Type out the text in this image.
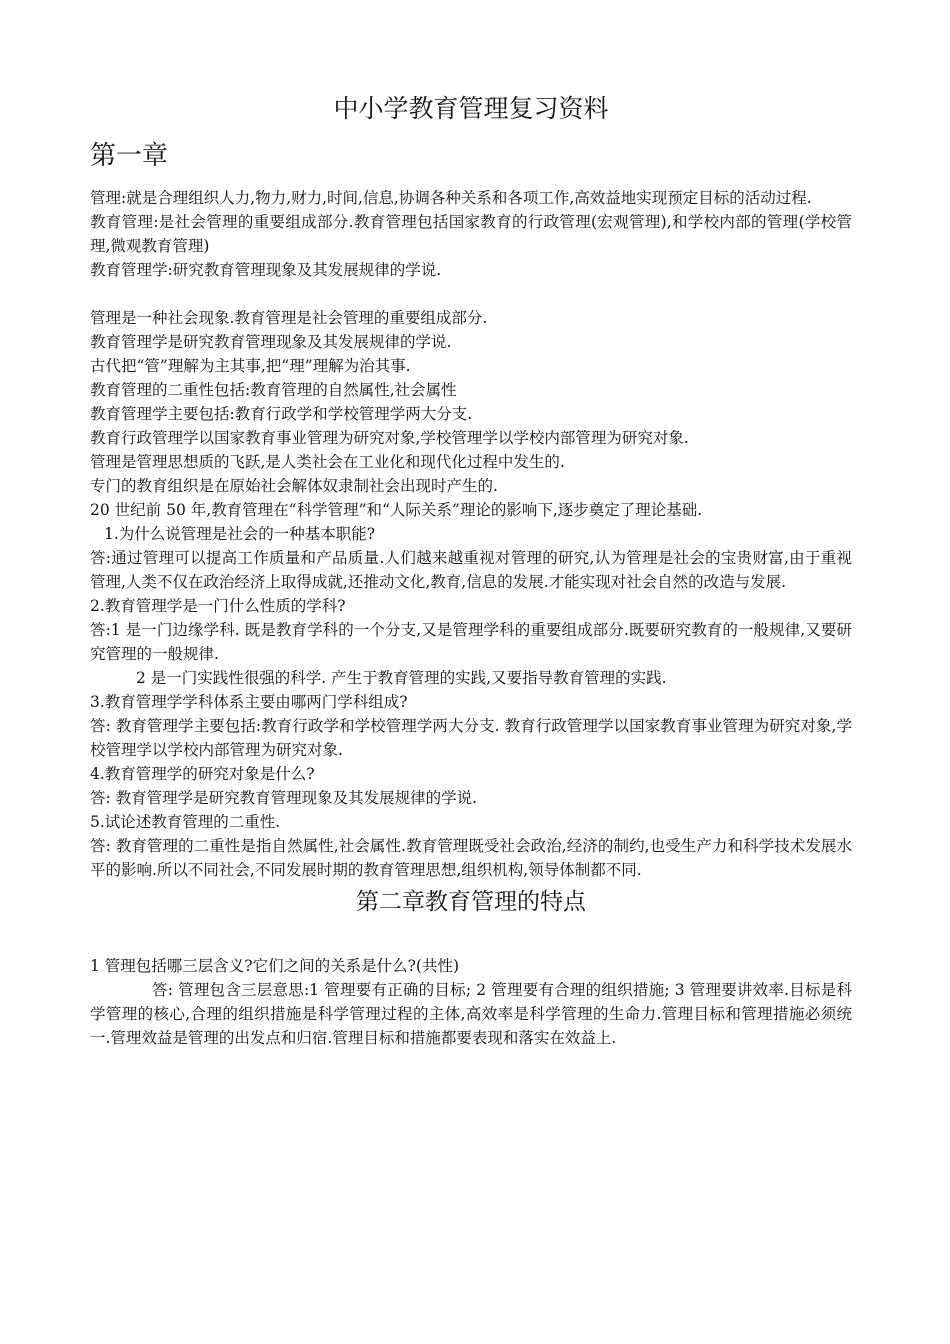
中小学教育管理复习资料
第一章

管理:就是合理组织人力,物力,财力,时间,信息,协调各种关系和各项工作,高效益地实现预定目标的活动过程.

教育管理:是社会管理的重要组成部分.教育管理包括国家教育的行政管理(宏观管理),和学校内部的管理(学校管理,微观教育管理)

教育管理学:研究教育管理现象及其发展规律的学说.

管理是一种社会现象.教育管理是社会管理的重要组成部分.

教育管理学是研究教育管理现象及其发展规律的学说.

古代把“管”理解为主其事,把“理”理解为治其事.

教育管理的二重性包括:教育管理的自然属性,社会属性

教育管理学主要包括:教育行政学和学校管理学两大分支.

教育行政管理学以国家教育事业管理为研究对象,学校管理学以学校内部管理为研究对象.

管理是管理思想质的飞跃,是人类社会在工业化和现代化过程中发生的.

专门的教育组织是在原始社会解体奴隶制社会出现时产生的.

20 世纪前 50 年,教育管理在“科学管理”和“人际关系”理论的影响下,逐步奠定了理论基础.

1.为什么说管理是社会的一种基本职能?

答:通过管理可以提高工作质量和产品质量.人们越来越重视对管理的研究,认为管理是社会的宝贵财富,由于重视管理,人类不仅在政治经济上取得成就,还推动文化,教育,信息的发展.才能实现对社会自然的改造与发展.

2.教育管理学是一门什么性质的学科?

答:1 是一门边缘学科. 既是教育学科的一个分支,又是管理学科的重要组成部分.既要研究教育的一般规律,又要研究管理的一般规律.

2 是一门实践性很强的科学. 产生于教育管理的实践,又要指导教育管理的实践.

3.教育管理学学科体系主要由哪两门学科组成?

答: 教育管理学主要包括:教育行政学和学校管理学两大分支. 教育行政管理学以国家教育事业管理为研究对象,学校管理学以学校内部管理为研究对象.

4.教育管理学的研究对象是什么?

答: 教育管理学是研究教育管理现象及其发展规律的学说.

5.试论述教育管理的二重性.

答: 教育管理的二重性是指自然属性,社会属性.教育管理既受社会政治,经济的制约,也受生产力和科学技术发展水平的影响.所以不同社会,不同发展时期的教育管理思想,组织机构,领导体制都不同.

第二章教育管理的特点

1 管理包括哪三层含义?它们之间的关系是什么?(共性)

答: 管理包含三层意思:1 管理要有正确的目标; 2 管理要有合理的组织措施; 3 管理要讲效率.目标是科学管理的核心,合理的组织措施是科学管理过程的主体,高效率是科学管理的生命力.管理目标和管理措施必须统一.管理效益是管理的出发点和归宿.管理目标和措施都要表现和落实在效益上.
